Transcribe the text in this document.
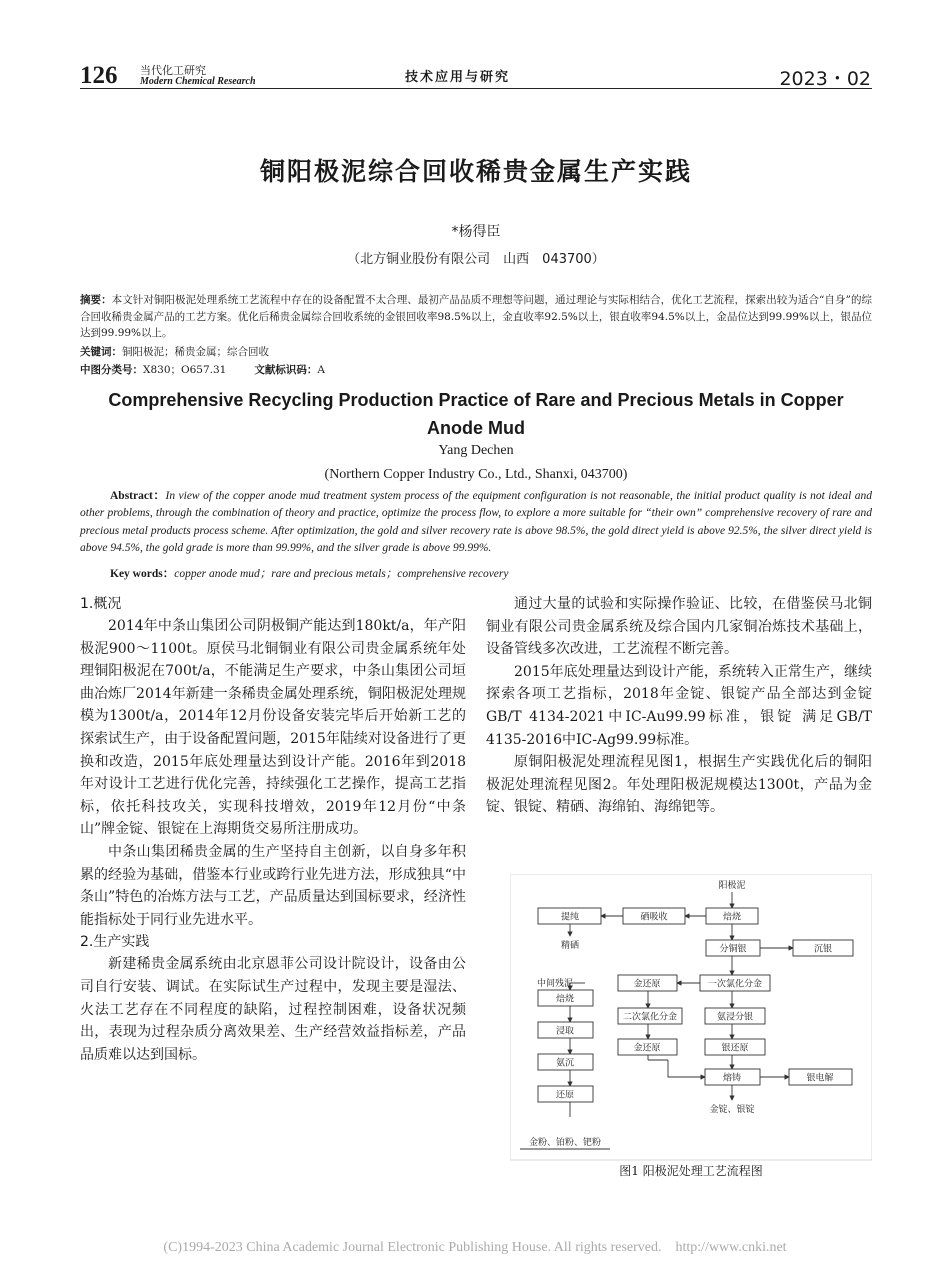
126 当代化工研究
Modern Chemical Research	技术应用与研究	2023・02
铜阳极泥综合回收稀贵金属生产实践
*杨得臣
（北方铜业股份有限公司　山西　043700）
摘要：本文针对铜阳极泥处理系统工艺流程中存在的设备配置不太合理、最初产品品质不理想等问题，通过理论与实际相结合，优化工艺流程，探索出较为适合“自身”的综合回收稀贵金属产品的工艺方案。优化后稀贵金属综合回收系统的金银回收率98.5%以上，金直收率92.5%以上，银直收率94.5%以上，金品位达到99.99%以上，银品位达到99.99%以上。
关键词：铜阳极泥；稀贵金属；综合回收
中图分类号：X830；O657.31	文献标识码：A
Comprehensive Recycling Production Practice of Rare and Precious Metals in Copper Anode Mud
Yang Dechen
(Northern Copper Industry Co., Ltd., Shanxi, 043700)
Abstract：In view of the copper anode mud treatment system process of the equipment configuration is not reasonable, the initial product quality is not ideal and other problems, through the combination of theory and practice, optimize the process flow, to explore a more suitable for “their own” comprehensive recovery of rare and precious metal products process scheme. After optimization, the gold and silver recovery rate is above 98.5%, the gold direct yield is above 92.5%, the silver direct yield is above 94.5%, the gold grade is more than 99.99%, and the silver grade is above 99.99%.
Key words：copper anode mud；rare and precious metals；comprehensive recovery
1.概况

2014年中条山集团公司阴极铜产能达到180kt/a，年产阳极泥900～1100t。原侯马北铜铜业有限公司贵金属系统年处理铜阳极泥在700t/a，不能满足生产要求，中条山集团公司垣曲冶炼厂2014年新建一条稀贵金属处理系统，铜阳极泥处理规模为1300t/a，2014年12月份设备安装完毕后开始新工艺的探索试生产，由于设备配置问题，2015年陆续对设备进行了更换和改造，2015年底处理量达到设计产能。2016年到2018年对设计工艺进行优化完善，持续强化工艺操作，提高工艺指标，依托科技攻关，实现科技增效，2019年12月份“中条山”牌金锭、银锭在上海期货交易所注册成功。

中条山集团稀贵金属的生产坚持自主创新，以自身多年积累的经验为基础，借鉴本行业或跨行业先进方法，形成独具“中条山”特色的冶炼方法与工艺，产品质量达到国标要求，经济性能指标处于同行业先进水平。

2.生产实践

新建稀贵金属系统由北京恩菲公司设计院设计，设备由公司自行安装、调试。在实际试生产过程中，发现主要是湿法、火法工艺存在不同程度的缺陷，过程控制困难，设备状况频出，表现为过程杂质分离效果差、生产经营效益指标差，产品品质难以达到国标。

通过大量的试验和实际操作验证、比较，在借鉴侯马北铜铜业有限公司贵金属系统及综合国内几家铜冶炼技术基础上，设备管线多次改进，工艺流程不断完善。

2015年底处理量达到设计产能，系统转入正常生产，继续探索各项工艺指标，2018年金锭、银锭产品全部达到金锭GB/T 4134-2021中IC-Au99.99标准，银锭 满足GB/T 4135-2016中IC-Ag99.99标准。

原铜阳极泥处理流程见图1，根据生产实践优化后的铜阳极泥处理流程见图2。年处理阳极泥规模达1300t，产品为金锭、银锭、精硒、海绵铂、海绵钯等。

阳极泥
焙烧
硒吸收
提纯
精硒	分铜银	沉银
一次氯化分金
金还原
中间残泥
二次氯化分金	氨浸分银
金还原	银还原
熔铸	银电解
金锭、银锭
焙烧
浸取
氨沉
还原
金粉、铂粉、钯粉
图1 阳极泥处理工艺流程图
(C)1994-2023 China Academic Journal Electronic Publishing House. All rights reserved.　http://www.cnki.net
